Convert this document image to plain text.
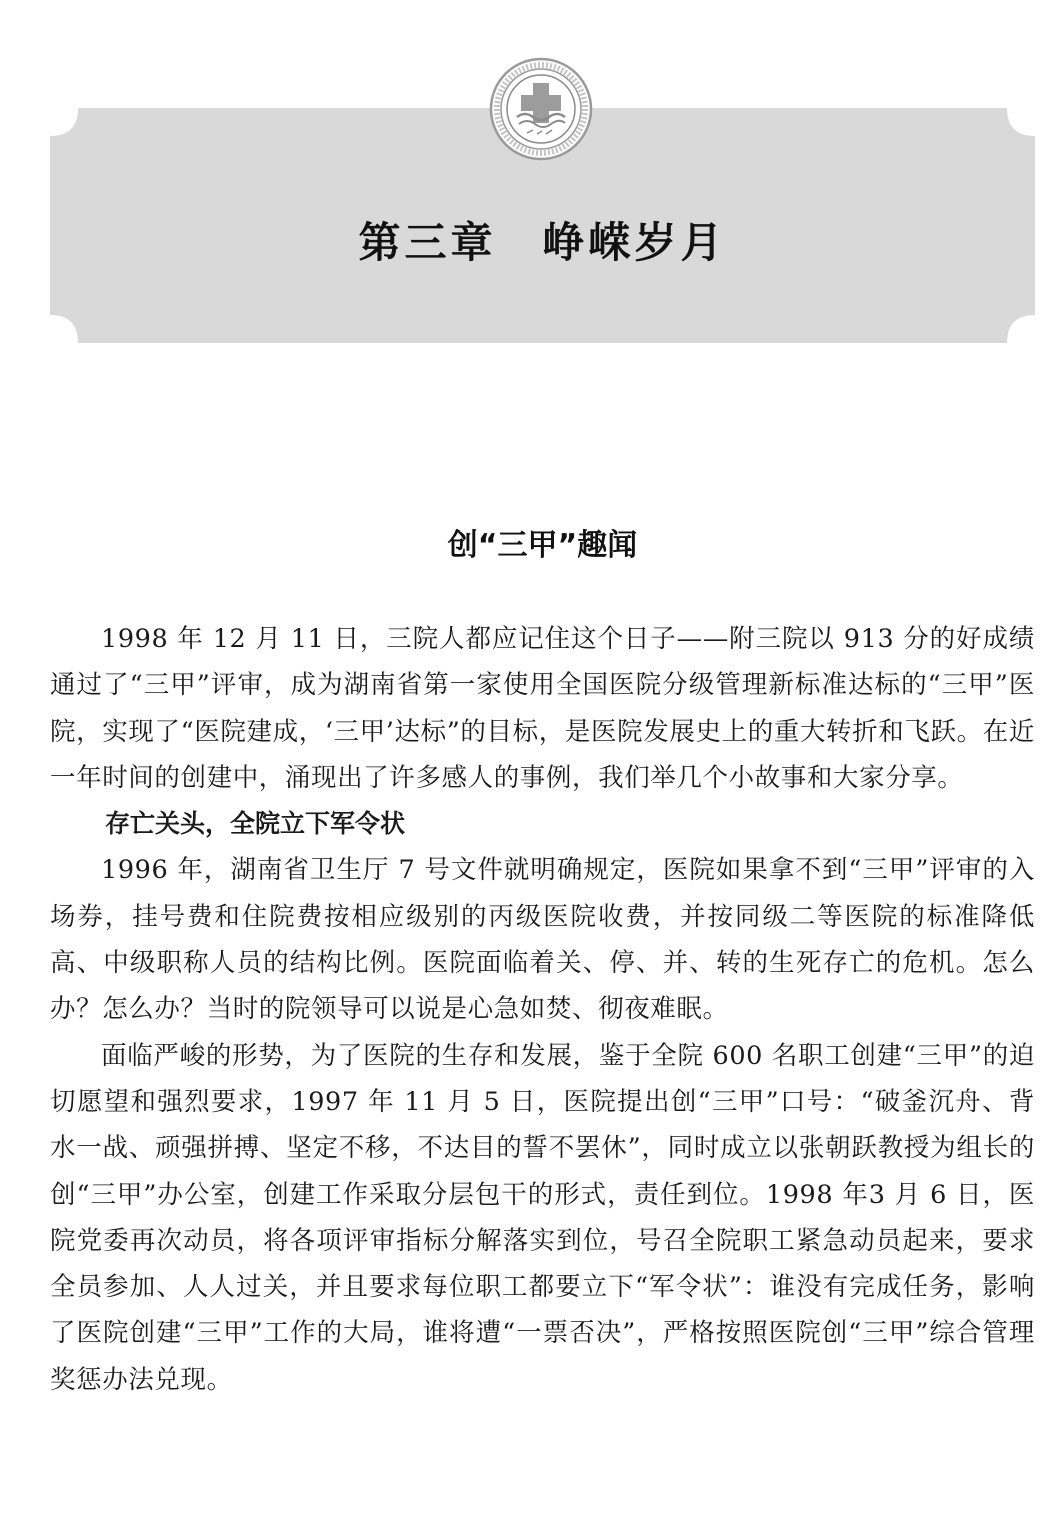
第三章　峥嵘岁月
创“三甲”趣闻

1998 年 12 月 11 日，三院人都应记住这个日子——附三院以 913 分的好成绩通过了“三甲”评审，成为湖南省第一家使用全国医院分级管理新标准达标的“三甲”医院，实现了“医院建成，‘三甲’达标”的目标，是医院发展史上的重大转折和飞跃。在近一年时间的创建中，涌现出了许多感人的事例，我们举几个小故事和大家分享。

存亡关头，全院立下军令状

1996 年，湖南省卫生厅 7 号文件就明确规定，医院如果拿不到“三甲”评审的入场券，挂号费和住院费按相应级别的丙级医院收费，并按同级二等医院的标准降低高、中级职称人员的结构比例。医院面临着关、停、并、转的生死存亡的危机。怎么办？怎么办？当时的院领导可以说是心急如焚、彻夜难眠。

面临严峻的形势，为了医院的生存和发展，鉴于全院 600 名职工创建“三甲”的迫切愿望和强烈要求，1997 年 11 月 5 日，医院提出创“三甲”口号：“破釜沉舟、背水一战、顽强拼搏、坚定不移，不达目的誓不罢休”，同时成立以张朝跃教授为组长的创“三甲”办公室，创建工作采取分层包干的形式，责任到位。1998 年3 月 6 日，医院党委再次动员，将各项评审指标分解落实到位，号召全院职工紧急动员起来，要求全员参加、人人过关，并且要求每位职工都要立下“军令状”：谁没有完成任务，影响了医院创建“三甲”工作的大局，谁将遭“一票否决”，严格按照医院创“三甲”综合管理奖惩办法兑现。
